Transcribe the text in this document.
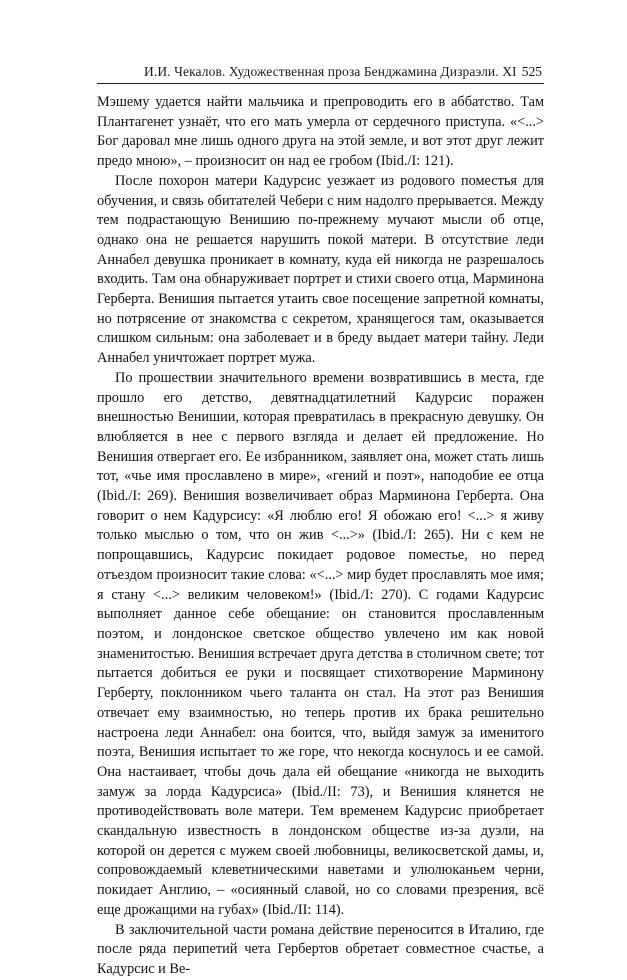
И.И. Чекалов. Художественная проза Бенджамина Дизраэли. XI 525

Мэшему удается найти мальчика и препроводить его в аббатство. Там Плантагенет узнаёт, что его мать умерла от сердечного приступа. «<...> Бог даровал мне лишь одного друга на этой земле, и вот этот друг лежит предо мною», – произносит он над ее гробом (Ibid./I: 121).

После похорон матери Кадурсис уезжает из родового поместья для обучения, и связь обитателей Чебери с ним надолго прерывается. Между тем подрастающую Венишию по-прежнему мучают мысли об отце, однако она не решается нарушить покой матери. В отсутствие леди Аннабел девушка проникает в комнату, куда ей никогда не разрешалось входить. Там она обнаруживает портрет и стихи своего отца, Марминона Герберта. Венишия пытается утаить свое посещение запретной комнаты, но потрясение от знакомства с секретом, хранящегося там, оказывается слишком сильным: она заболевает и в бреду выдает матери тайну. Леди Аннабел уничтожает портрет мужа.

По прошествии значительного времени возвратившись в места, где прошло его детство, девятнадцатилетний Кадурсис поражен внешностью Венишии, которая превратилась в прекрасную девушку. Он влюбляется в нее с первого взгляда и делает ей предложение. Но Венишия отвергает его. Ее избранником, заявляет она, может стать лишь тот, «чье имя прославлено в мире», «гений и поэт», наподобие ее отца (Ibid./I: 269). Венишия возвеличивает образ Марминона Герберта. Она говорит о нем Кадурсису: «Я люблю его! Я обожаю его! <...> я живу только мыслью о том, что он жив <...>» (Ibid./I: 265). Ни с кем не попрощавшись, Кадурсис покидает родовое поместье, но перед отъездом произносит такие слова: «<...> мир будет прославлять мое имя; я стану <...> великим человеком!» (Ibid./I: 270). С годами Кадурсис выполняет данное себе обещание: он становится прославленным поэтом, и лондонское светское общество увлечено им как новой знаменитостью. Венишия встречает друга детства в столичном свете; тот пытается добиться ее руки и посвящает стихотворение Марминону Герберту, поклонником чьего таланта он стал. На этот раз Венишия отвечает ему взаимностью, но теперь против их брака решительно настроена леди Аннабел: она боится, что, выйдя замуж за именитого поэта, Венишия испытает то же горе, что некогда коснулось и ее самой. Она настаивает, чтобы дочь дала ей обещание «никогда не выходить замуж за лорда Кадурсиса» (Ibid./II: 73), и Венишия клянется не противодействовать воле матери. Тем временем Кадурсис приобретает скандальную известность в лондонском обществе из-за дуэли, на которой он дерется с мужем своей любовницы, великосветской дамы, и, сопровождаемый клеветническими наветами и улюлюканьем черни, покидает Англию, – «осиянный славой, но со словами презрения, всё еще дрожащими на губах» (Ibid./II: 114).

В заключительной части романа действие переносится в Италию, где после ряда перипетий чета Гербертов обретает совместное счастье, а Кадурсис и Ве-
